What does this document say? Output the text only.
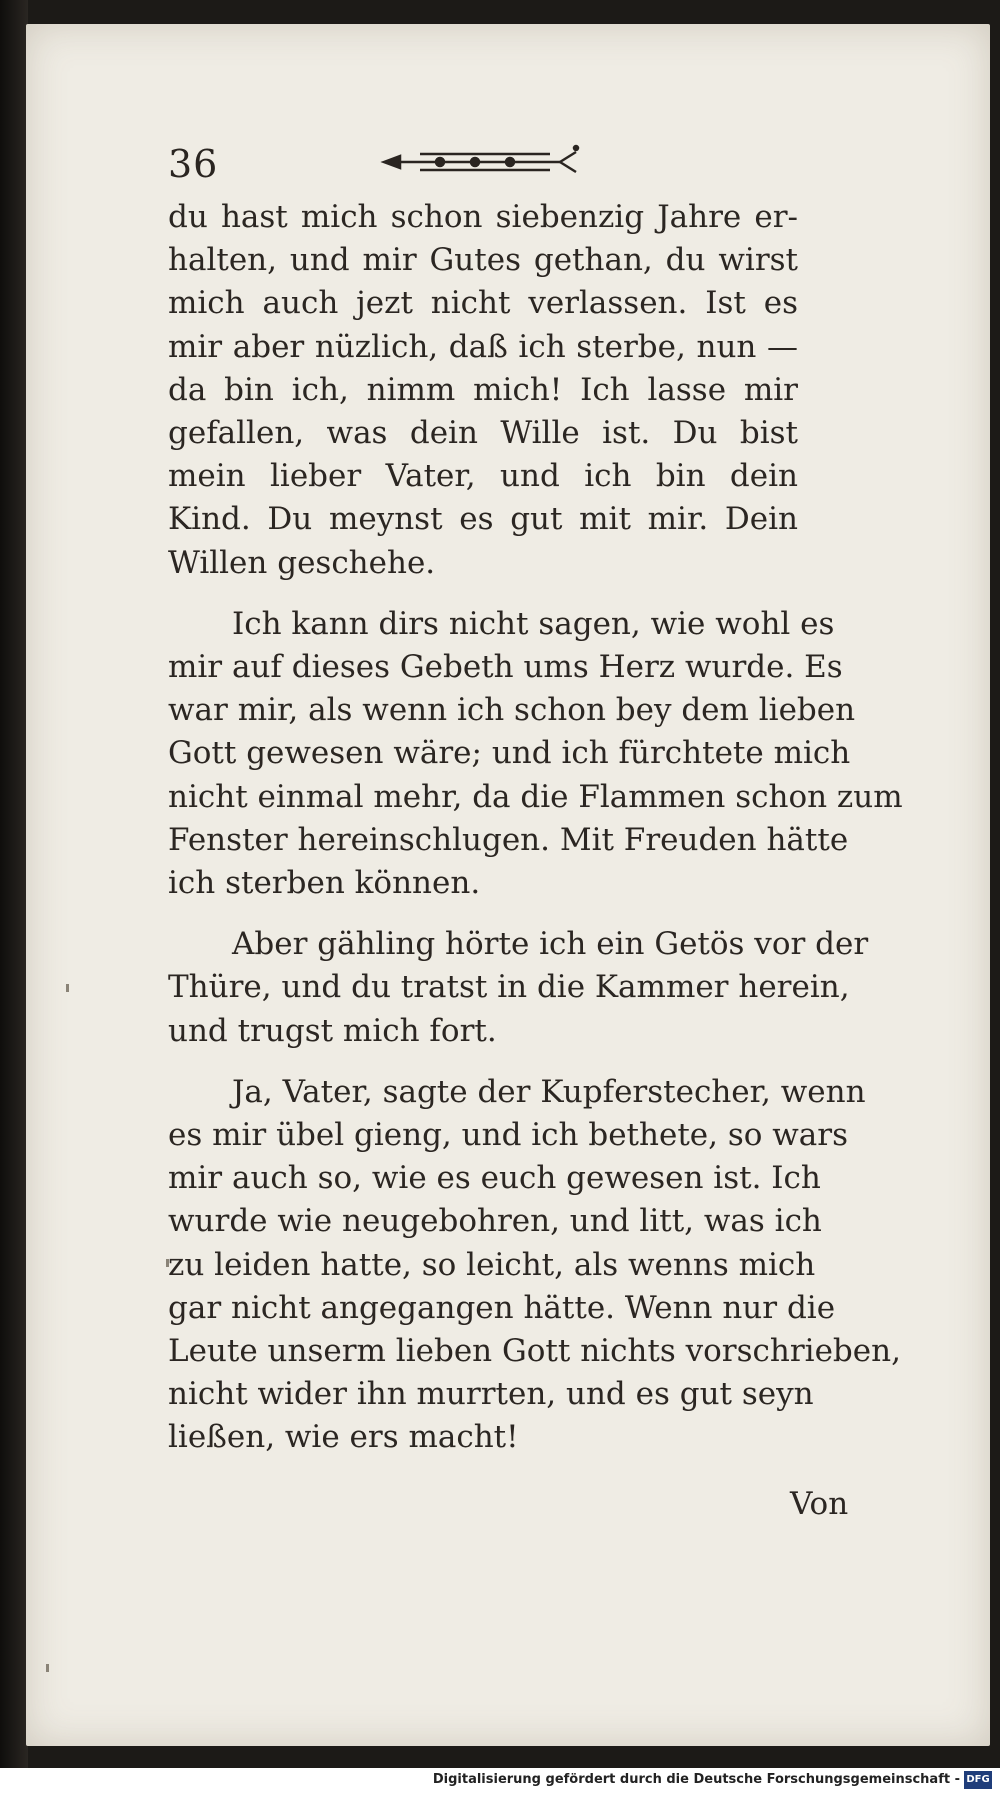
36

du hast mich schon siebenzig Jahre er-
halten, und mir Gutes gethan, du wirst
mich auch jezt nicht verlassen. Ist es
mir aber nüzlich, daß ich sterbe, nun —
da bin ich, nimm mich! Ich lasse mir
gefallen, was dein Wille ist. Du bist
mein lieber Vater, und ich bin dein
Kind. Du meynst es gut mit mir. Dein
Willen geschehe.

Ich kann dirs nicht sagen, wie wohl es
mir auf dieses Gebeth ums Herz wurde. Es
war mir, als wenn ich schon bey dem lieben
Gott gewesen wäre; und ich fürchtete mich
nicht einmal mehr, da die Flammen schon zum
Fenster hereinschlugen. Mit Freuden hätte
ich sterben können.

Aber gähling hörte ich ein Getös vor der
Thüre, und du tratst in die Kammer herein,
und trugst mich fort.

Ja, Vater, sagte der Kupferstecher, wenn
es mir übel gieng, und ich bethete, so wars
mir auch so, wie es euch gewesen ist. Ich
wurde wie neugebohren, und litt, was ich
zu leiden hatte, so leicht, als wenns mich
gar nicht angegangen hätte. Wenn nur die
Leute unserm lieben Gott nichts vorschrieben,
nicht wider ihn murrten, und es gut seyn
ließen, wie ers macht!

Von
Digitalisierung gefördert durch die Deutsche Forschungsgemeinschaft - DFG
